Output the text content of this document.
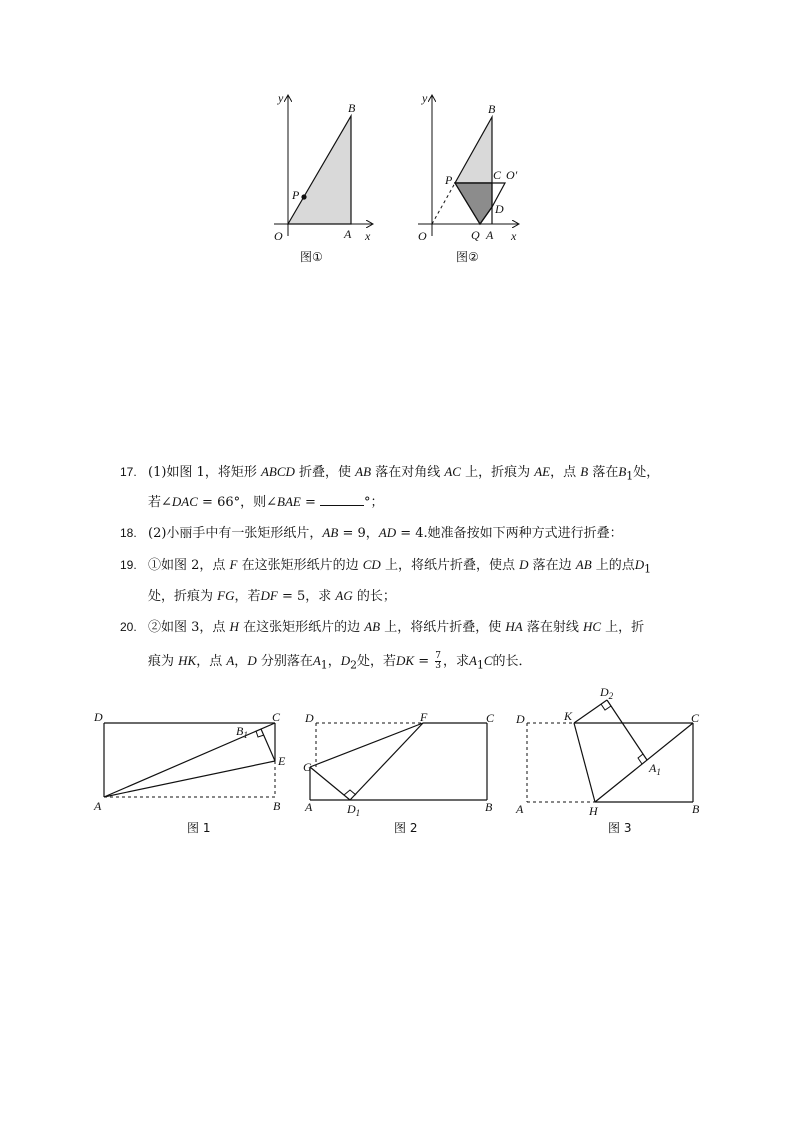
y
B
P
O	A x
图①
y
B
P	C O′
D
O	Q A x
图②
17. (1)如图 1，将矩形 ABCD 折叠，使 AB 落在对角线 AC 上，折痕为 AE，点 B 落在$B_1$处，
若∠DAC = 66°，则∠BAE =	°；
18. (2)小丽手中有一张矩形纸片，AB = 9，AD = 4.她准备按如下两种方式进行折叠：
19. ①如图 2，点 F 在这张矩形纸片的边 CD 上，将纸片折叠，使点 D 落在边 AB 上的点$D_1$
处，折痕为 FG，若DF = 5，求 AG 的长；
20. ②如图 3，点 H 在这张矩形纸片的边 AB 上，将纸片折叠，使 HA 落在射线 HC 上，折
痕为 HK，点 A，D 分别落在$A_1$，$D_2$处，若DK = $\frac{7}{3}$ ，求$A_1C$的长．
D	C
$B_1$
E
A	B
图 1
D	F	C
G
A	$D_1$	B
图 2
$D_2$
D	K	C
$A_1$
A	H	B
图 3
